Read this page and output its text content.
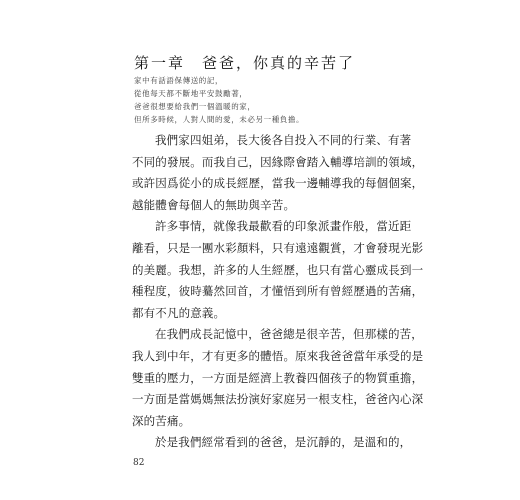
第一章　爸爸，你真的辛苦了
家中有話語保傳送的記，
從他每天都不斷地平安鼓勵著，
爸爸很想要給我們一個溫暖的家，
但所多時候，人對人間的愛，未必另一種負擔。
我們家四姐弟，長大後各自投入不同的行業、有著
不同的發展。而我自己，因緣際會踏入輔導培訓的領域，
或許因爲從小的成長經歷，當我一邊輔導我的每個個案，
越能體會每個人的無助與辛苦。
許多事情，就像我最歡看的印象派畫作般，當近距
離看，只是一團水彩顏料，只有遠遠觀賞，才會發現光影
的美麗。我想，許多的人生經歷，也只有當心靈成長到一
種程度，彼時驀然回首，才懂悟到所有曾經歷過的苦痛，
都有不凡的意義。
在我們成長記憶中，爸爸總是很辛苦，但那樣的苦，
我人到中年，才有更多的體悟。原來我爸爸當年承受的是
雙重的壓力，一方面是經濟上教養四個孩子的物質重擔，
一方面是當媽媽無法扮演好家庭另一根支柱，爸爸內心深
深的苦痛。
於是我們經常看到的爸爸，是沉靜的，是溫和的，

82
